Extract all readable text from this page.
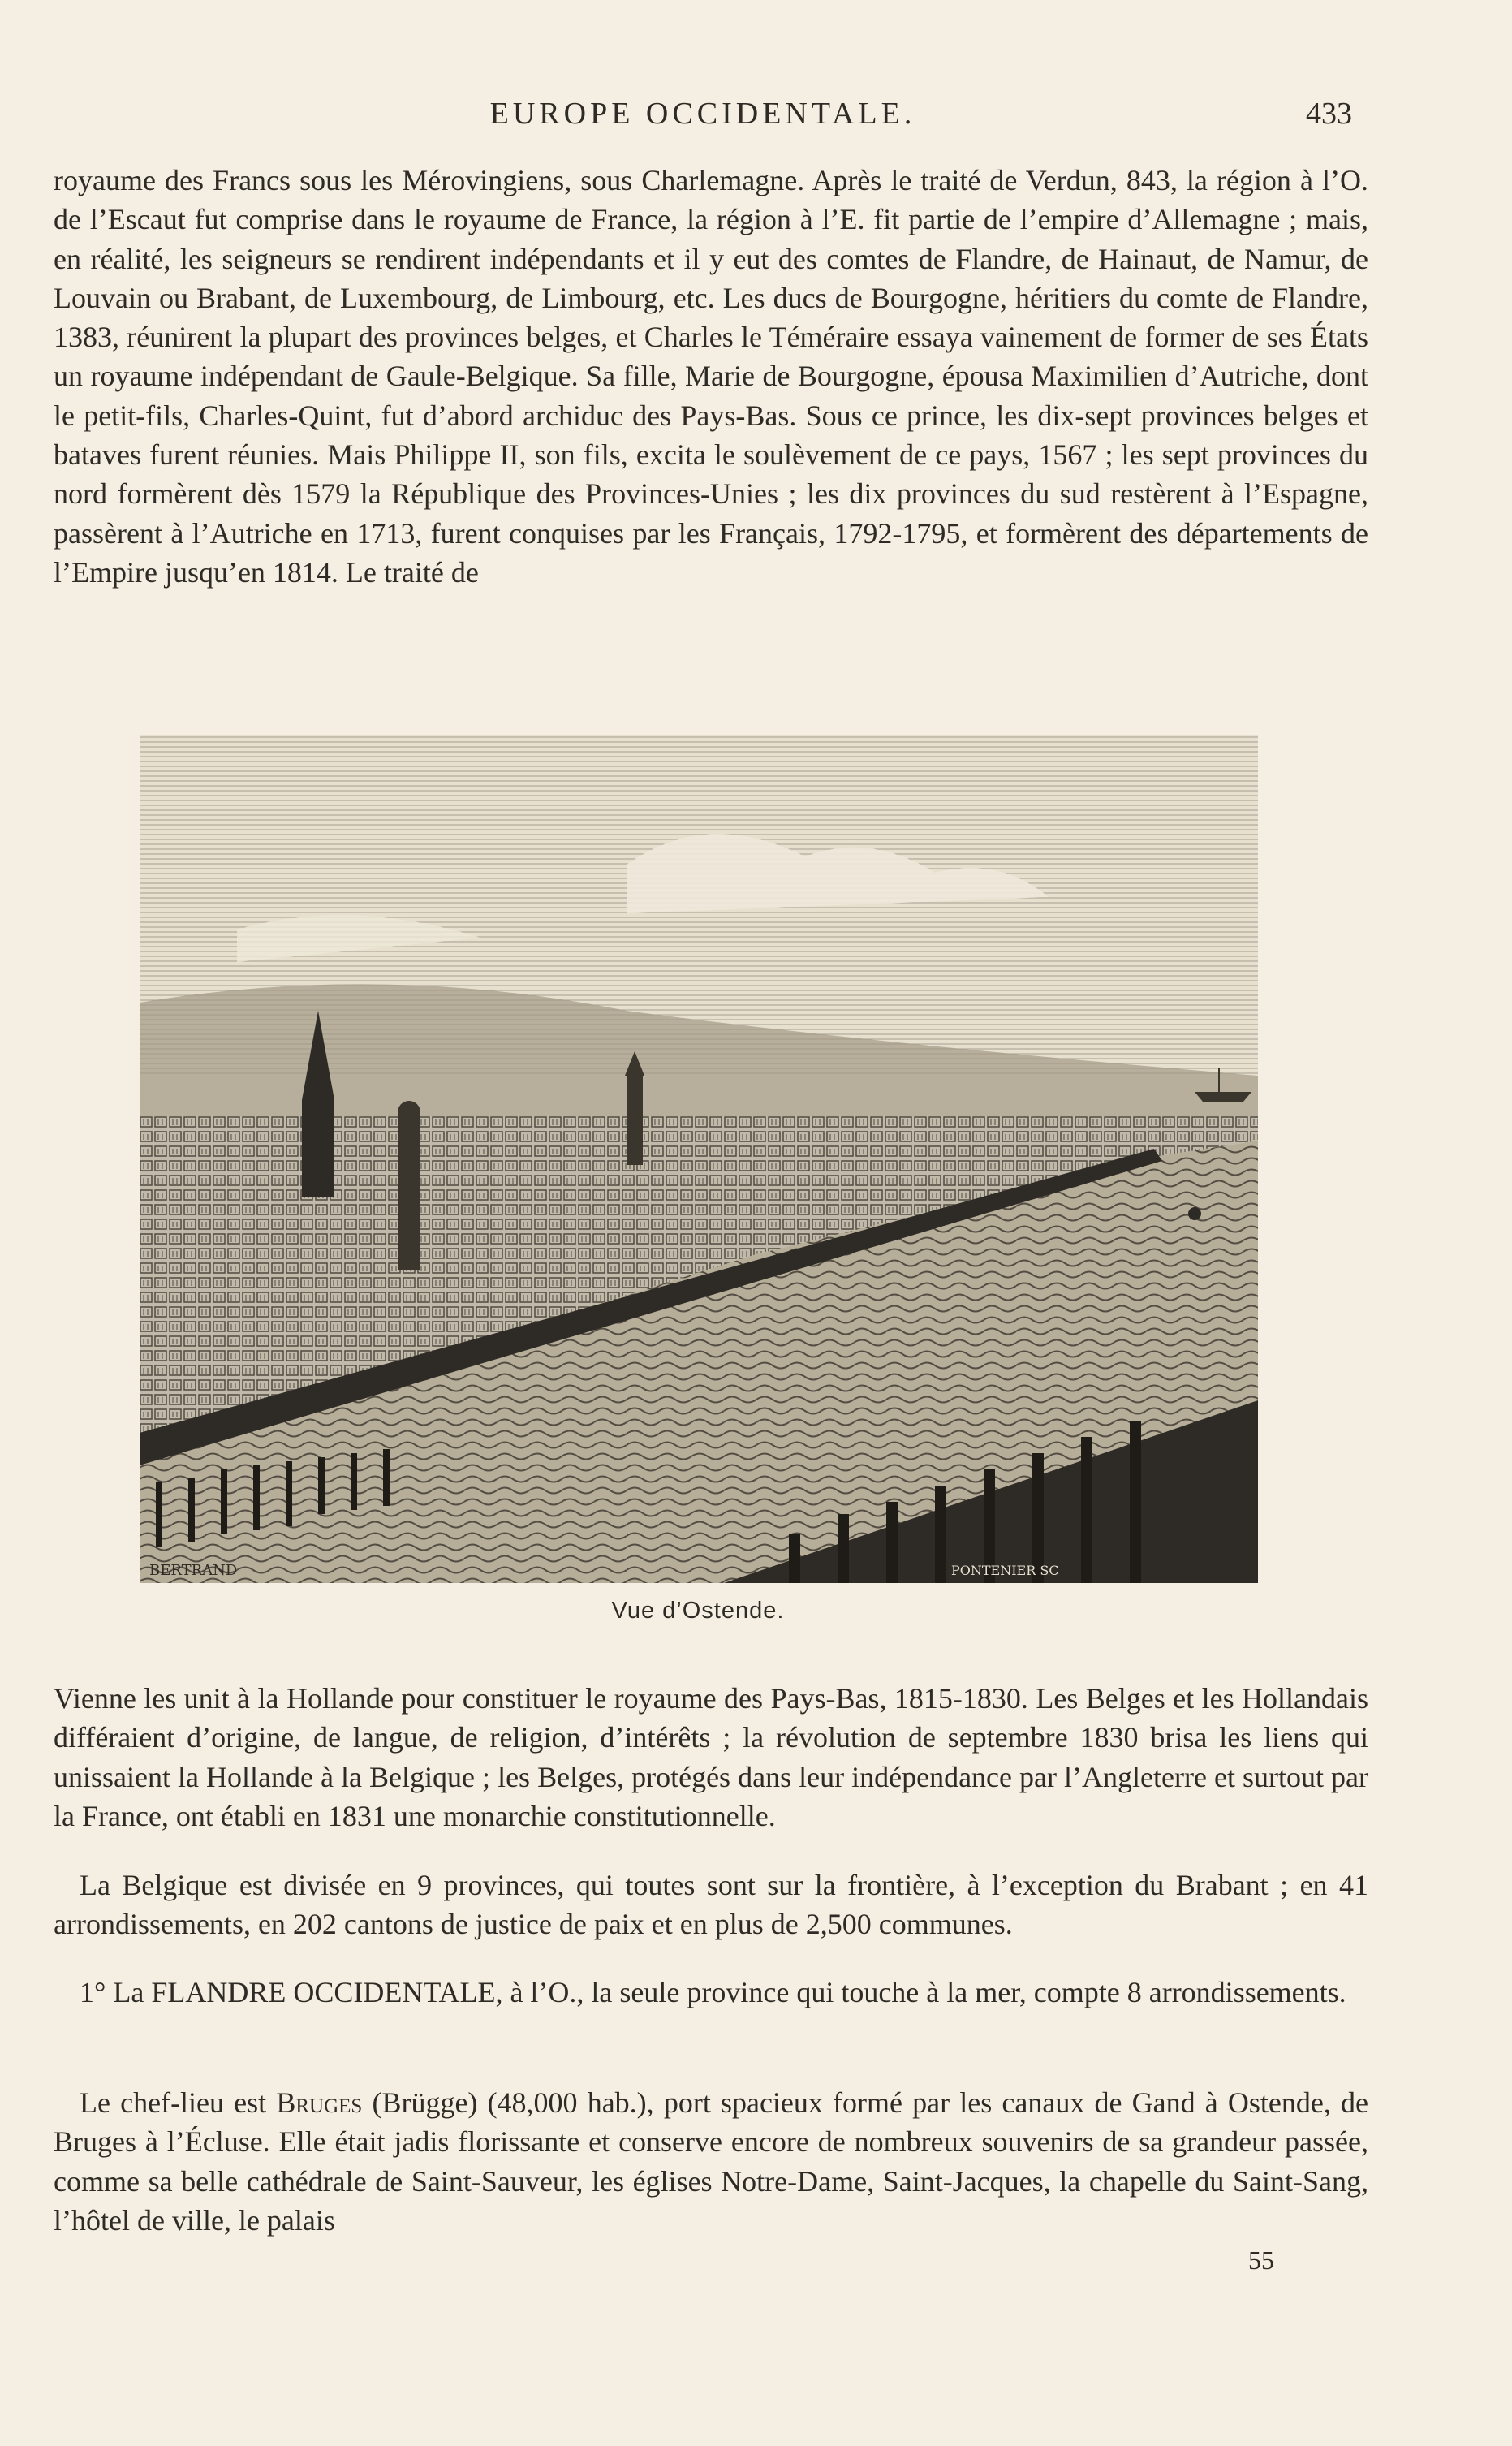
EUROPE OCCIDENTALE.	433

royaume des Francs sous les Mérovingiens, sous Charlemagne. Après le traité de Verdun, 843, la région à l’O. de l’Escaut fut comprise dans le royaume de France, la région à l’E. fit partie de l’empire d’Allemagne ; mais, en réalité, les seigneurs se rendirent indépendants et il y eut des comtes de Flandre, de Hainaut, de Namur, de Louvain ou Brabant, de Luxembourg, de Limbourg, etc. Les ducs de Bourgogne, héritiers du comte de Flandre, 1383, réunirent la plupart des provinces belges, et Charles le Téméraire essaya vainement de former de ses États un royaume indépendant de Gaule-Belgique. Sa fille, Marie de Bourgogne, épousa Maximilien d’Autriche, dont le petit-fils, Charles-Quint, fut d’abord archiduc des Pays-Bas. Sous ce prince, les dix-sept provinces belges et bataves furent réunies. Mais Philippe II, son fils, excita le soulèvement de ce pays, 1567 ; les sept provinces du nord formèrent dès 1579 la République des Provinces-Unies ; les dix provinces du sud restèrent à l’Espagne, passèrent à l’Autriche en 1713, furent conquises par les Français, 1792-1795, et formèrent des départements de l’Empire jusqu’en 1814. Le traité de

BERTRAND	PONTENIER SC
Vue d’Ostende.

Vienne les unit à la Hollande pour constituer le royaume des Pays-Bas, 1815-1830. Les Belges et les Hollandais différaient d’origine, de langue, de religion, d’intérêts ; la révolution de septembre 1830 brisa les liens qui unissaient la Hollande à la Belgique ; les Belges, protégés dans leur indépendance par l’Angleterre et surtout par la France, ont établi en 1831 une monarchie constitutionnelle.

La Belgique est divisée en 9 provinces, qui toutes sont sur la frontière, à l’exception du Brabant ; en 41 arrondissements, en 202 cantons de justice de paix et en plus de 2,500 communes.

1° La FLANDRE OCCIDENTALE, à l’O., la seule province qui touche à la mer, compte 8 arrondissements.

Le chef-lieu est Bruges (Brügge) (48,000 hab.), port spacieux formé par les canaux de Gand à Ostende, de Bruges à l’Écluse. Elle était jadis florissante et conserve encore de nombreux souvenirs de sa grandeur passée, comme sa belle cathédrale de Saint-Sauveur, les églises Notre-Dame, Saint-Jacques, la chapelle du Saint-Sang, l’hôtel de ville, le palais

55
